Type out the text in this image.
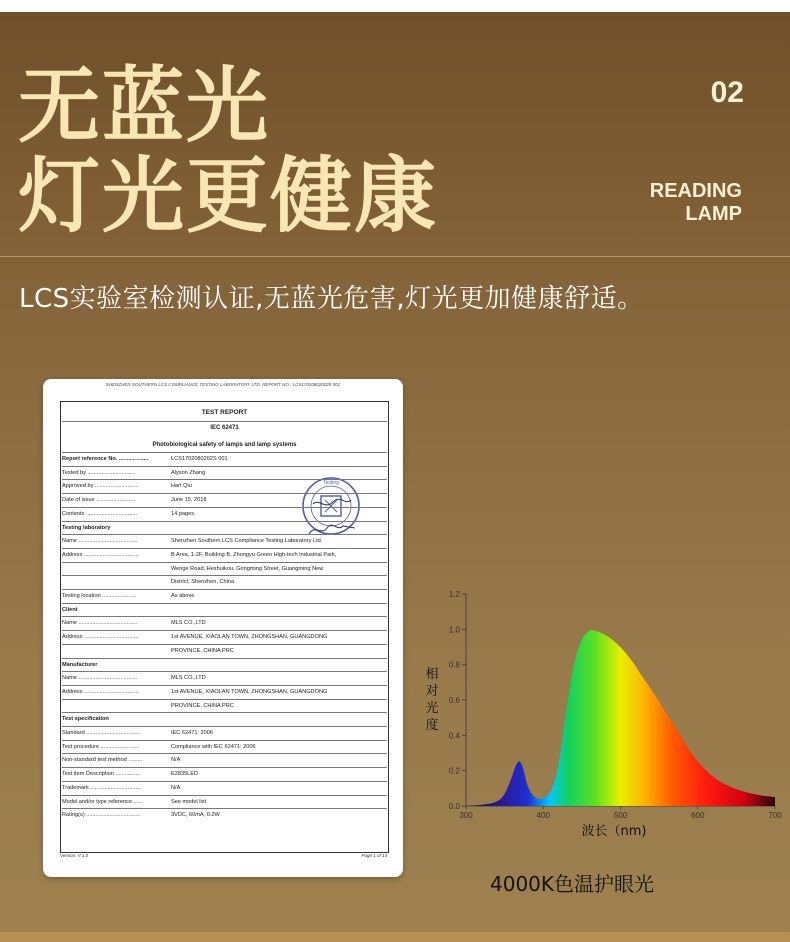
无蓝光
灯光更健康
02
READING
LAMP
LCS实验室检测认证,无蓝光危害,灯光更加健康舒适。
SHENZHEN SOUTHERN LCS COMPLIANCE TESTING LABORATORY LTD. REPORT NO.: LCS170208020025 001
TEST REPORT
IEC 62471
Photobiological safety of lamps and lamp systems
Testing
Report reference No. ...................	LCS1702080202S 001
Tested by ...............................	Alyson Zhang
Approved by ............................	Hart Qiu
Date of issue .........................	June 15, 2018
Contents .................................	14 pages
Testing laboratory
Name ......................................	Shenzhen Southern LCS Compliance Testing Laboratory Ltd.
Address ...................................	B Area, 1-2F, Building B, Zhongyu Green High-tech Industrial Park,
Wenge Road, Heshuikou, Gongming Street, Guangming New
District, Shenzhen, China
Testing location ......................	As above
Client
Name ......................................	MLS CO.,LTD
Address ...................................	1st AVENUE, XIAOLAN TOWN, ZHONGSHAN, GUANGDONG
PROVINCE, CHINA PRC
Manufacturer
Name ......................................	MLS CO.,LTD
Address ...................................	1st AVENUE, XIAOLAN TOWN, ZHONGSHAN, GUANGDONG
PROVINCE, CHINA PRC
Test specification
Standard ...................................	IEC 62471: 2006
Test procedure .........................	Compliance with IEC 62471: 2006
Non-standard test method .........	N/A
Test item Description ................	E2835LED
Trademark .................................	N/A
Model and/or type reference ......	See model list
Rating(s) ...................................	3VDC, 60mA, 0.2W
Version: V 1.0	Page 1 of 14
0.0
0.2
0.4
0.6
0.8
1.0
1.2
300	400	500	600	700
相对光度
波长（nm)
4000K色温护眼光
